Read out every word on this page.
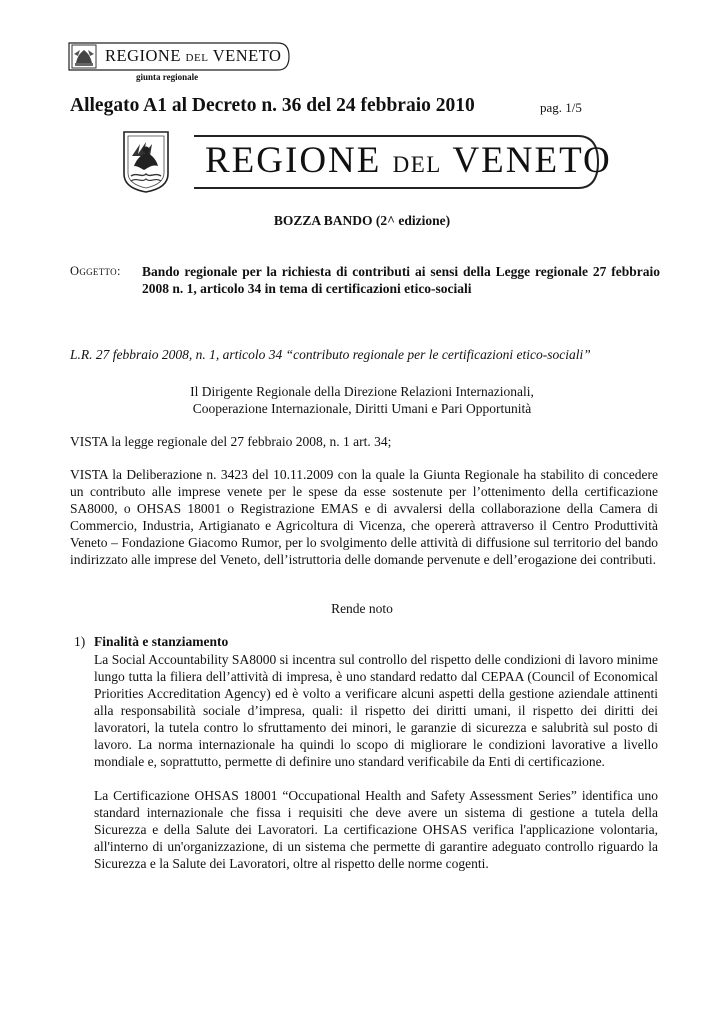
REGIONE DEL VENETO
giunta regionale
Allegato A1 al Decreto n. 36 del 24 febbraio 2010	pag. 1/5
REGIONE DEL VENETO
BOZZA BANDO (2^ edizione)
Oggetto: Bando regionale per la richiesta di contributi ai sensi della Legge regionale 27 febbraio 2008 n. 1, articolo 34 in tema di certificazioni etico-sociali
L.R. 27 febbraio 2008, n. 1, articolo 34 “contributo regionale per le certificazioni etico-sociali”
Il Dirigente Regionale della Direzione Relazioni Internazionali,
Cooperazione Internazionale, Diritti Umani e Pari Opportunità
VISTA la legge regionale del 27 febbraio 2008, n. 1 art. 34;
VISTA la Deliberazione n. 3423 del 10.11.2009 con la quale la Giunta Regionale ha stabilito di concedere un contributo alle imprese venete per le spese da esse sostenute per l’ottenimento della certificazione SA8000, o OHSAS 18001 o Registrazione EMAS e di avvalersi della collaborazione della Camera di Commercio, Industria, Artigianato e Agricoltura di Vicenza, che opererà attraverso il Centro Produttività Veneto – Fondazione Giacomo Rumor, per lo svolgimento delle attività di diffusione sul territorio del bando indirizzato alle imprese del Veneto, dell’istruttoria delle domande pervenute e dell’erogazione dei contributi.
Rende noto
1) Finalità e stanziamento
La Social Accountability SA8000 si incentra sul controllo del rispetto delle condizioni di lavoro minime lungo tutta la filiera dell’attività di impresa, è uno standard redatto dal CEPAA (Council of Economical Priorities Accreditation Agency) ed è volto a verificare alcuni aspetti della gestione aziendale attinenti alla responsabilità sociale d’impresa, quali: il rispetto dei diritti umani, il rispetto dei diritti dei lavoratori, la tutela contro lo sfruttamento dei minori, le garanzie di sicurezza e salubrità sul posto di lavoro. La norma internazionale ha quindi lo scopo di migliorare le condizioni lavorative a livello mondiale e, soprattutto, permette di definire uno standard verificabile da Enti di certificazione.
La Certificazione OHSAS 18001 “Occupational Health and Safety Assessment Series” identifica uno standard internazionale che fissa i requisiti che deve avere un sistema di gestione a tutela della Sicurezza e della Salute dei Lavoratori. La certificazione OHSAS verifica l'applicazione volontaria, all'interno di un'organizzazione, di un sistema che permette di garantire adeguato controllo riguardo la Sicurezza e la Salute dei Lavoratori, oltre al rispetto delle norme cogenti.
